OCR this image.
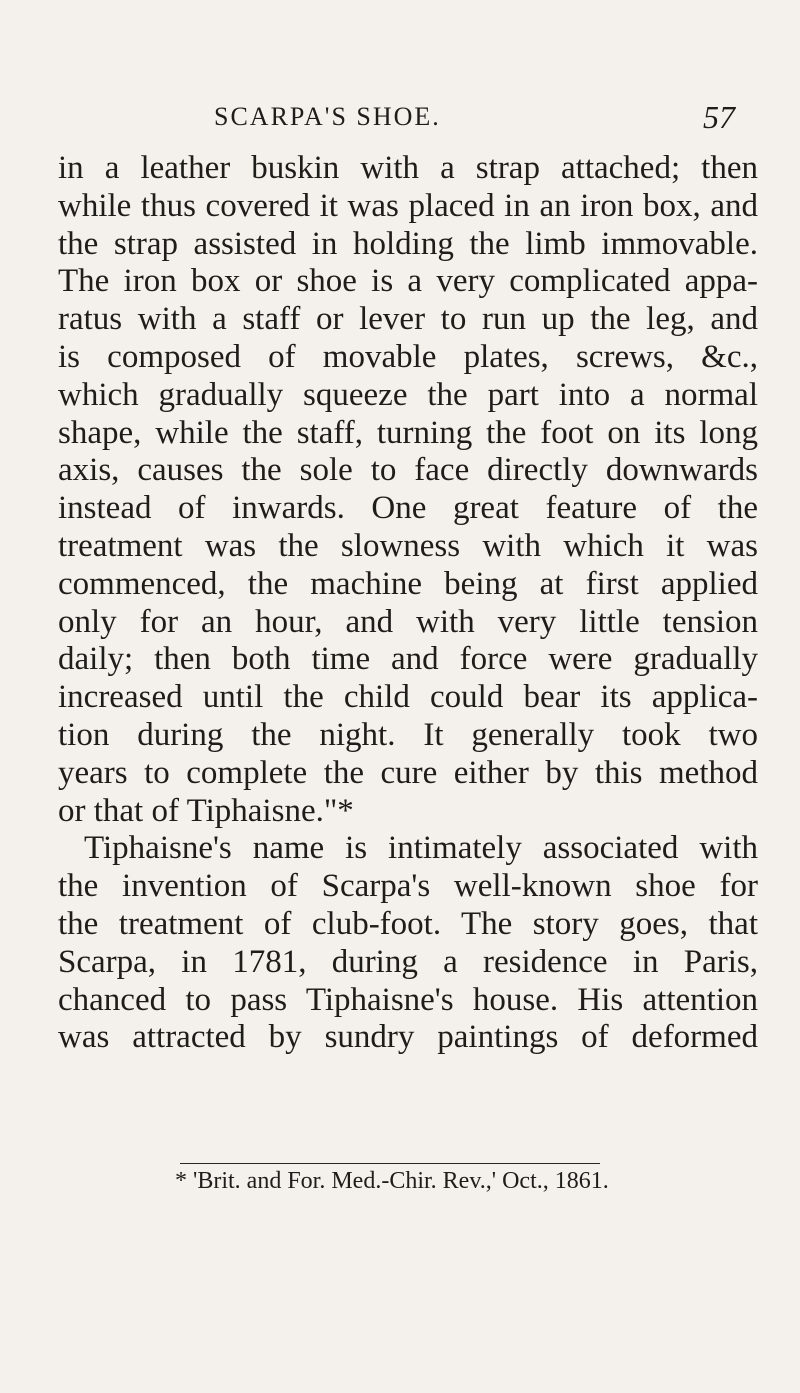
SCARPA'S SHOE.	57
in a leather buskin with a strap attached; then
while thus covered it was placed in an iron box, and
the strap assisted in holding the limb immovable.
The iron box or shoe is a very complicated appa-
ratus with a staff or lever to run up the leg, and
is composed of movable plates, screws, &c.,
which gradually squeeze the part into a normal
shape, while the staff, turning the foot on its long
axis, causes the sole to face directly downwards
instead of inwards. One great feature of the
treatment was the slowness with which it was
commenced, the machine being at first applied
only for an hour, and with very little tension
daily; then both time and force were gradually
increased until the child could bear its applica-
tion during the night. It generally took two
years to complete the cure either by this method
or that of Tiphaisne."*
Tiphaisne's name is intimately associated with
the invention of Scarpa's well-known shoe for
the treatment of club-foot. The story goes, that
Scarpa, in 1781, during a residence in Paris,
chanced to pass Tiphaisne's house. His attention
was attracted by sundry paintings of deformed
* 'Brit. and For. Med.-Chir. Rev.,' Oct., 1861.
